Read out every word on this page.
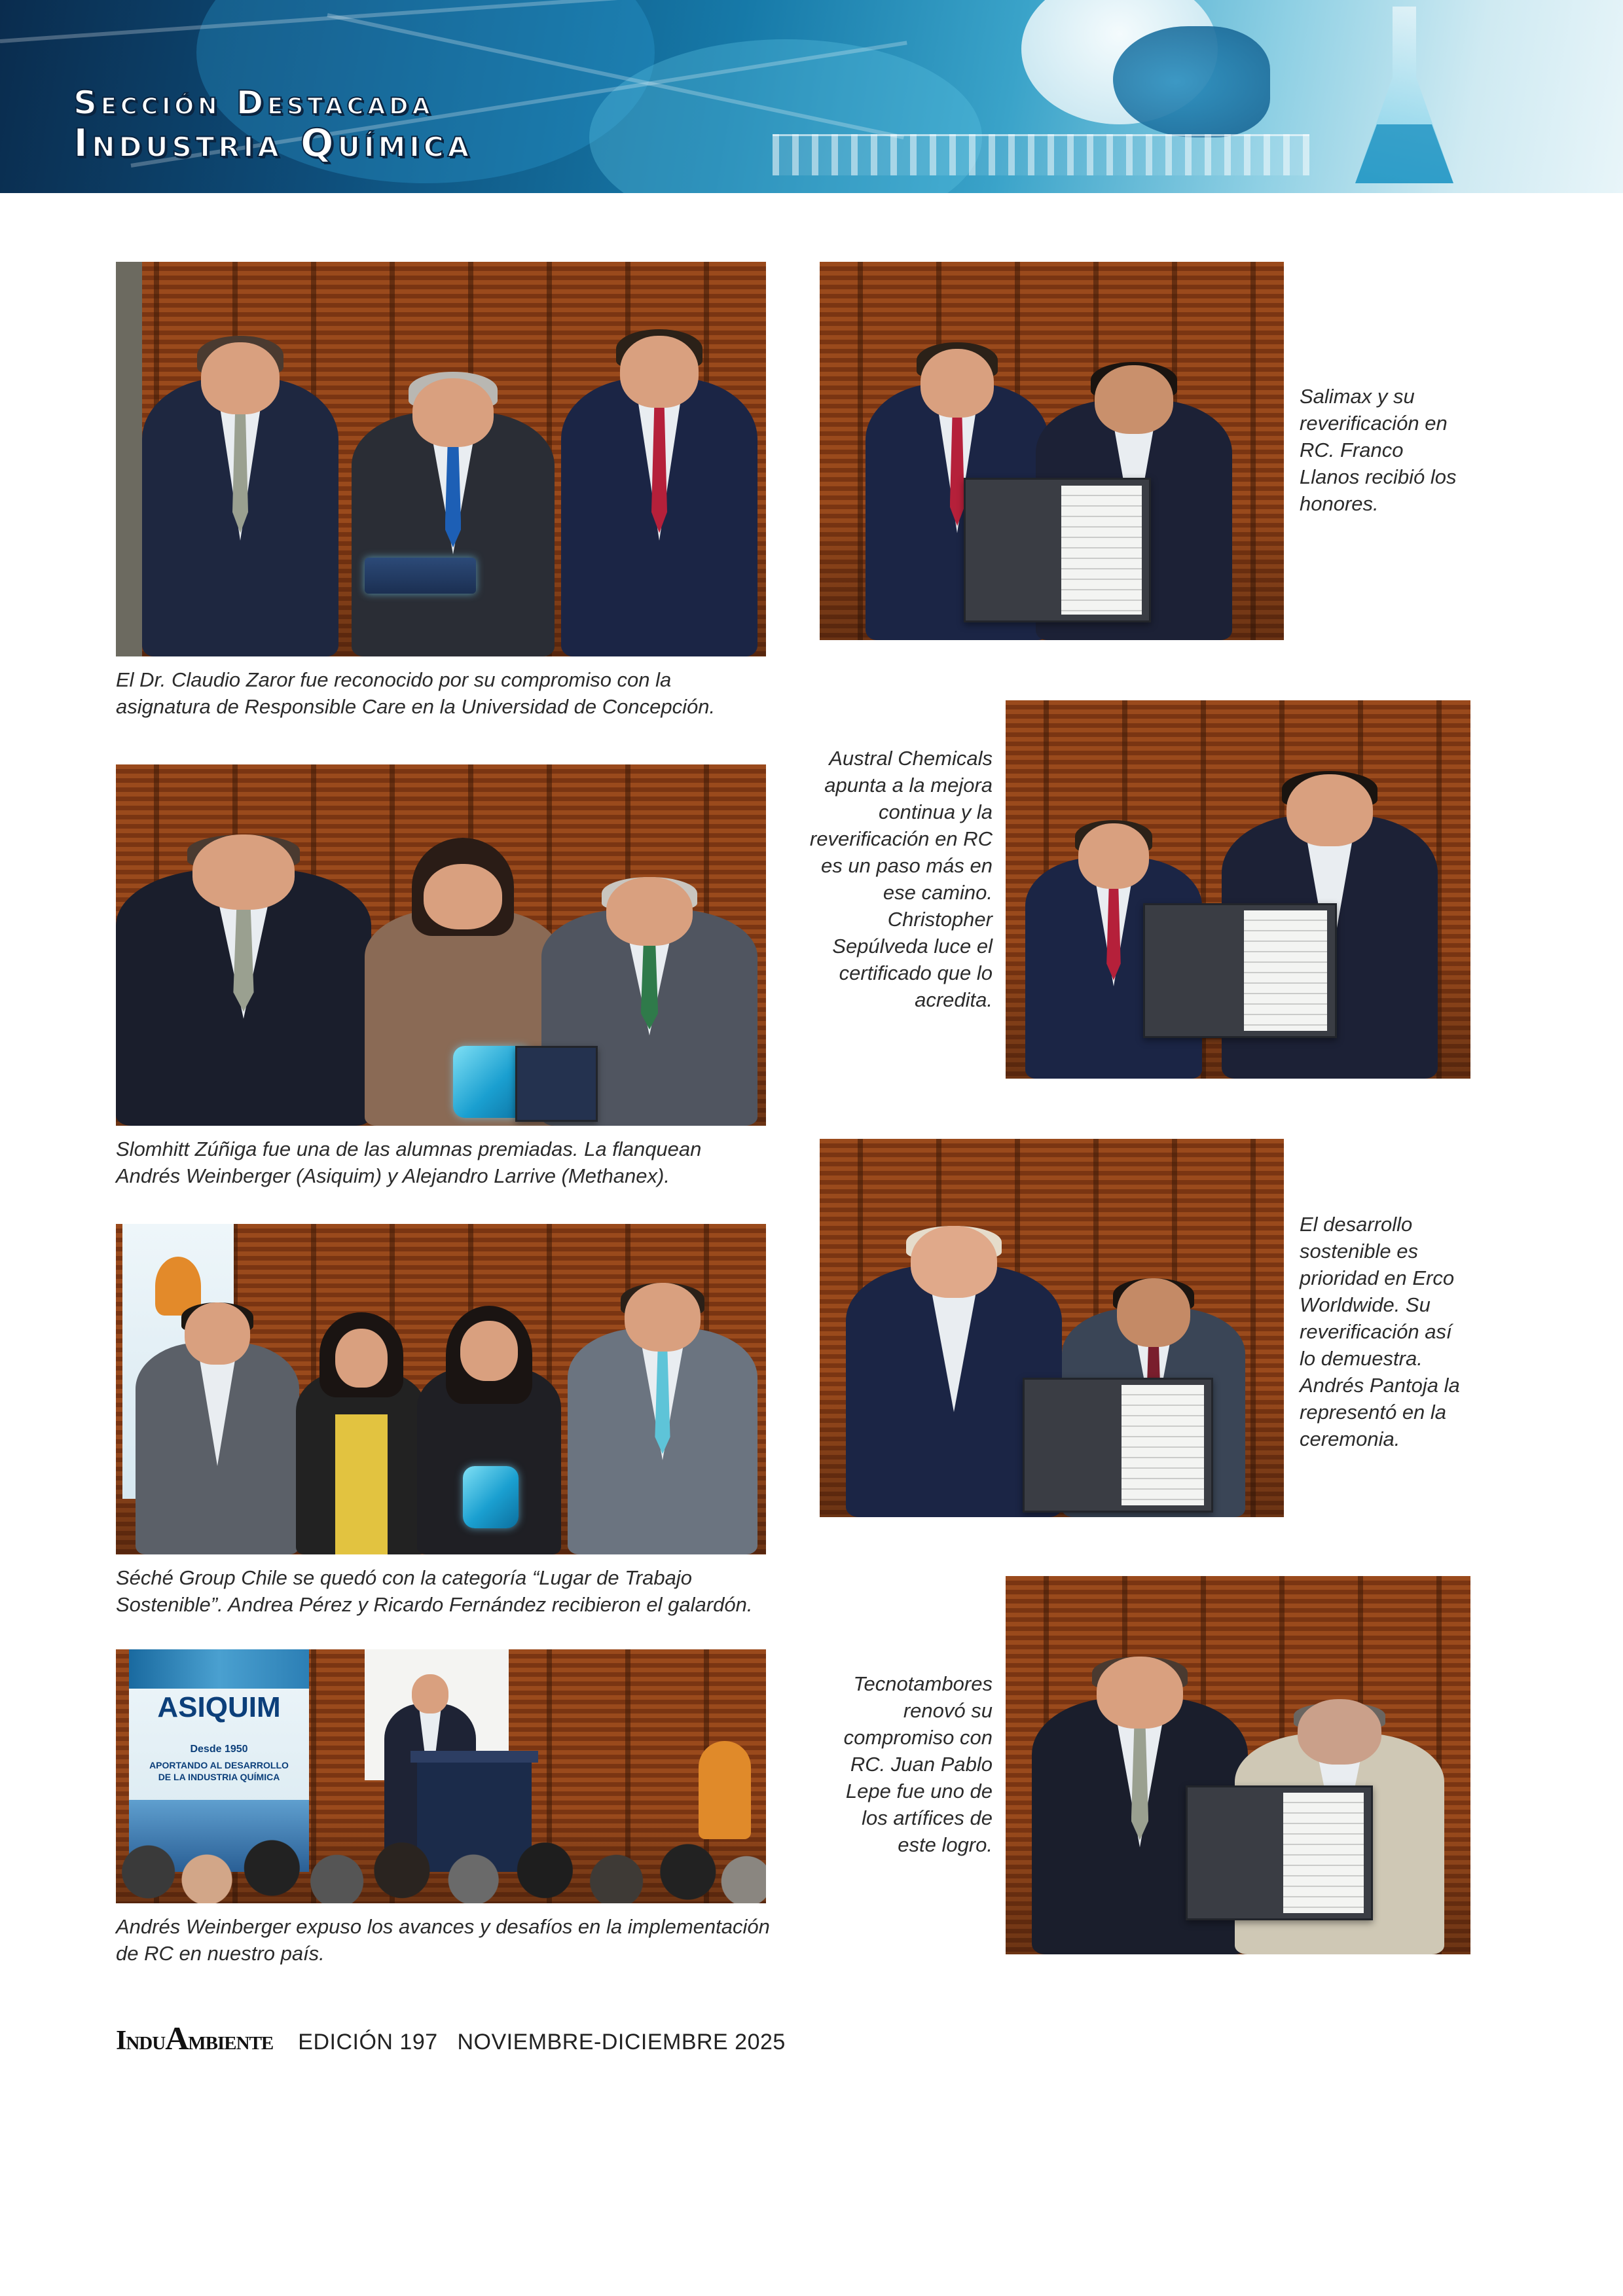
Sección Destacada
Industria Química

El Dr. Claudio Zaror fue reconocido por su compromiso con la asignatura de Responsible Care en la Universidad de Concepción.

Slomhitt Zúñiga fue una de las alumnas premiadas. La flanquean Andrés Weinberger (Asiquim) y Alejandro Larrive (Methanex).

Séché Group Chile se quedó con la categoría “Lugar de Trabajo Sostenible”. Andrea Pérez y Ricardo Fernández recibieron el galardón.

ASIQUIM
Desde 1950
APORTANDO AL DESARROLLO DE LA INDUSTRIA QUÍMICA

Andrés Weinberger expuso los avances y desafíos en la implementación de RC en nuestro país.

Salimax y su reverificación en RC. Franco Llanos recibió los honores.

Austral Chemicals apunta a la mejora continua y la reverificación en RC es un paso más en ese camino. Christopher Sepúlveda luce el certificado que lo acredita.

El desarrollo sostenible es prioridad en Erco Worldwide. Su reverificación así lo demuestra. Andrés Pantoja la representó en la ceremonia.

Tecnotambores renovó su compromiso con RC. Juan Pablo Lepe fue uno de los artífices de este logro.

InduAmbiente EDICIÓN 197   NOVIEMBRE-DICIEMBRE 2025
